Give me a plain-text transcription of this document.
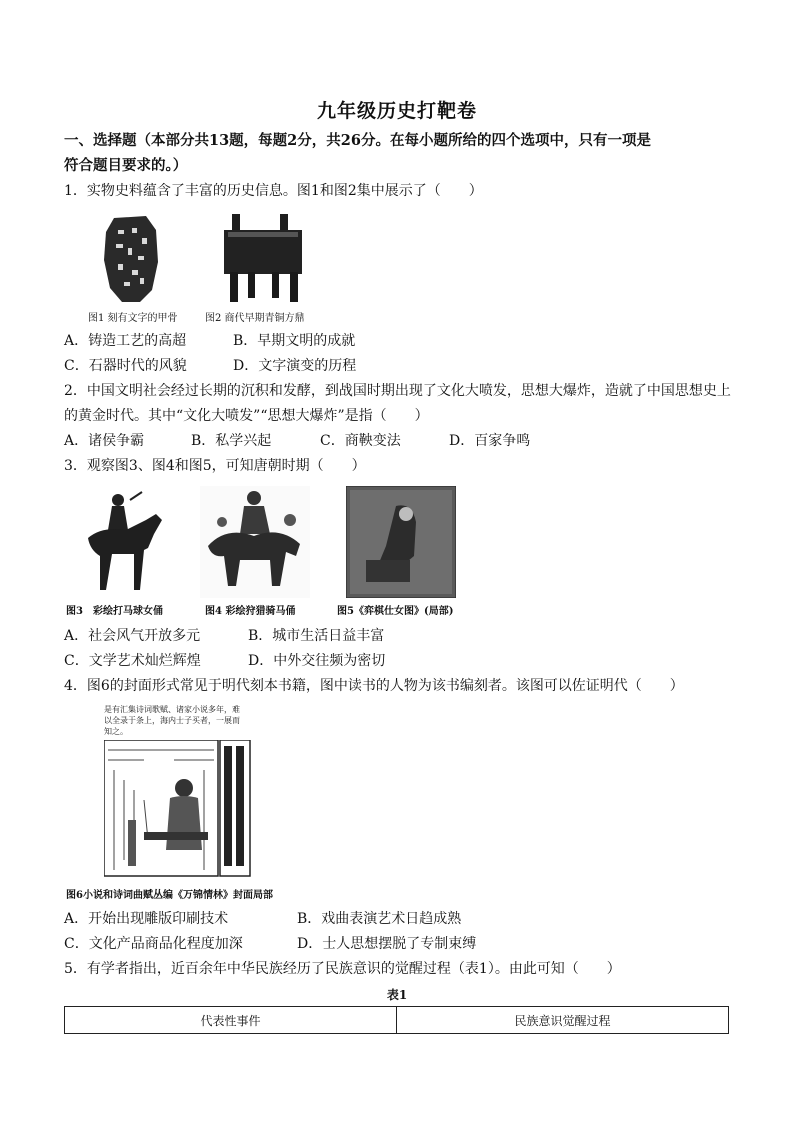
九年级历史打靶卷
一、选择题（本部分共13题，每题2分，共26分。在每小题所给的四个选项中，只有一项是
符合题目要求的。）
1．实物史料蕴含了丰富的历史信息。图1和图2集中展示了（　　）
图1 刻有文字的甲骨	图2 商代早期青铜方鼎
A．铸造工艺的高超	B．早期文明的成就
C．石器时代的风貌	D．文字演变的历程
2．中国文明社会经过长期的沉积和发酵，到战国时期出现了文化大喷发，思想大爆炸，造就了中国思想史上
的黄金时代。其中“文化大喷发”“思想大爆炸”是指（　　）
A．诸侯争霸	B．私学兴起	C．商鞅变法	D．百家争鸣
3．观察图3、图4和图5，可知唐朝时期（　　）
图3　彩绘打马球女俑	图4 彩绘狩猎骑马俑	图5《弈棋仕女图》(局部)
A．社会风气开放多元	B．城市生活日益丰富
C．文学艺术灿烂辉煌	D．中外交往频为密切
4．图6的封面形式常见于明代刻本书籍，图中读书的人物为该书编刻者。该图可以佐证明代（　　）
是有汇集诗词歌赋、诸家小说多年，难
以全录于条上，海内士子买者，一展而
知之。
图6小说和诗词曲赋丛编《万锦情林》封面局部
A．开始出现雕版印刷技术	B．戏曲表演艺术日趋成熟
C．文化产品商品化程度加深	D．士人思想摆脱了专制束缚
5．有学者指出，近百余年中华民族经历了民族意识的觉醒过程（表1）。由此可知（　　）
表1
代表性事件	民族意识觉醒过程
